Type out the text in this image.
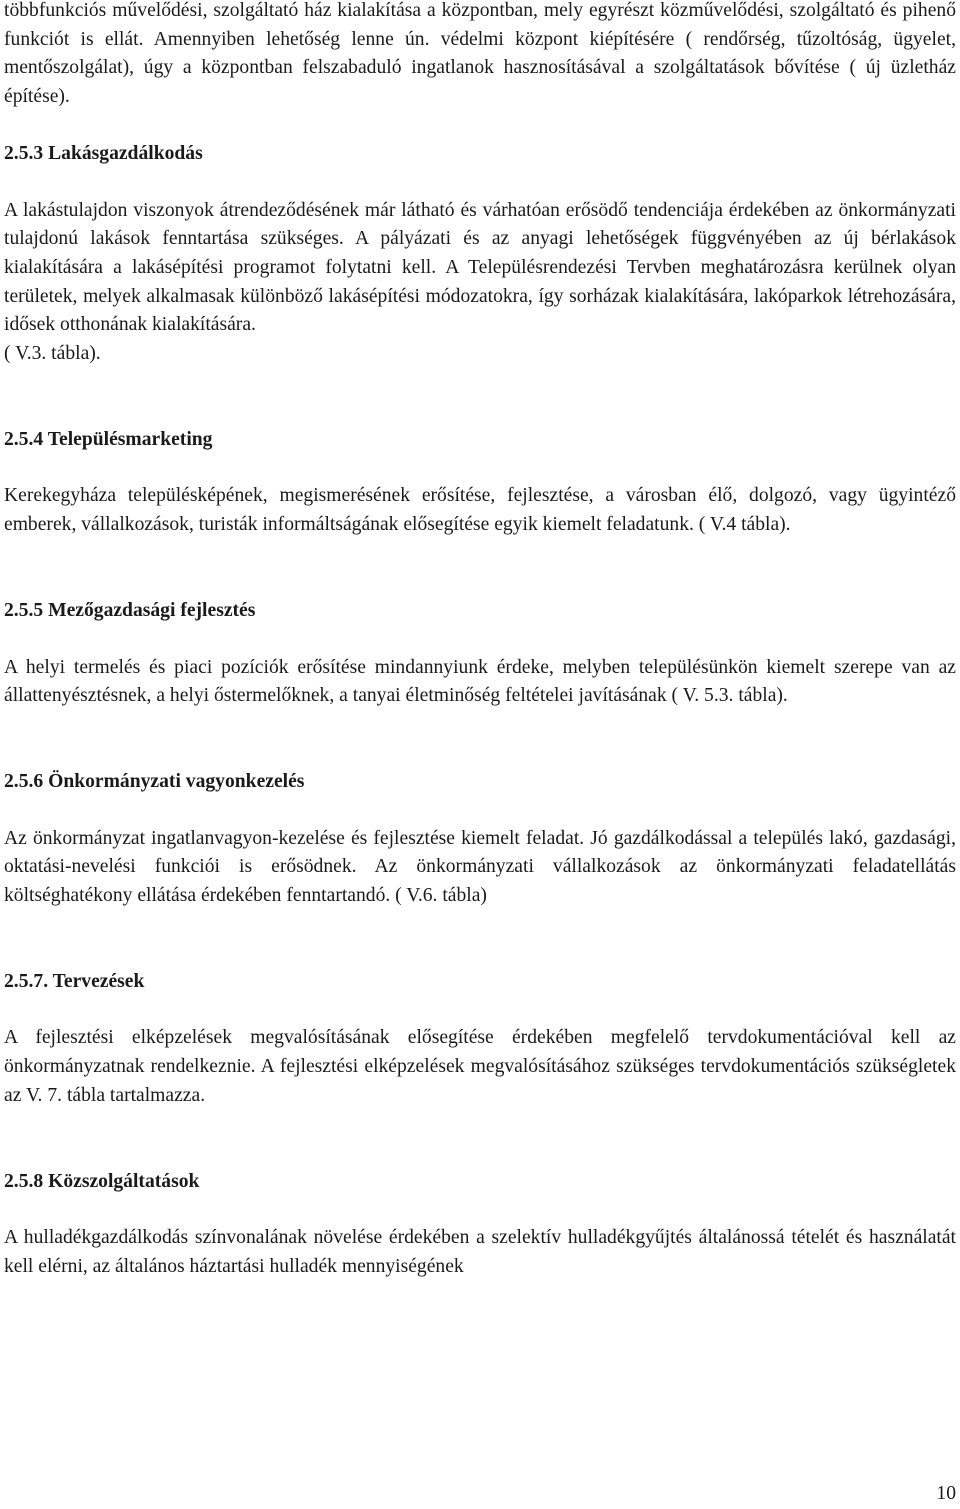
többfunkciós művelődési, szolgáltató ház kialakítása a központban, mely egyrészt közművelődési, szolgáltató és pihenő funkciót is ellát. Amennyiben lehetőség lenne ún. védelmi központ kiépítésére ( rendőrség, tűzoltóság, ügyelet, mentőszolgálat), úgy a központban felszabaduló ingatlanok hasznosításával a szolgáltatások bővítése ( új üzletház építése).

2.5.3 Lakásgazdálkodás

A lakástulajdon viszonyok átrendeződésének már látható és várhatóan erősödő tendenciája érdekében az önkormányzati tulajdonú lakások fenntartása szükséges. A pályázati és az anyagi lehetőségek függvényében az új bérlakások kialakítására a lakásépítési programot folytatni kell. A Településrendezési Tervben meghatározásra kerülnek olyan területek, melyek alkalmasak különböző lakásépítési módozatokra, így sorházak kialakítására, lakóparkok létrehozására, idősek otthonának kialakítására.

( V.3. tábla).

2.5.4 Településmarketing

Kerekegyháza településképének, megismerésének erősítése, fejlesztése, a városban élő, dolgozó, vagy ügyintéző emberek, vállalkozások, turisták informáltságának elősegítése egyik kiemelt feladatunk. ( V.4 tábla).

2.5.5 Mezőgazdasági fejlesztés

A helyi termelés és piaci pozíciók erősítése mindannyiunk érdeke, melyben településünkön kiemelt szerepe van az állattenyésztésnek, a helyi őstermelőknek, a tanyai életminőség feltételei javításának ( V. 5.3. tábla).

2.5.6 Önkormányzati vagyonkezelés

Az önkormányzat ingatlanvagyon-kezelése és fejlesztése kiemelt feladat. Jó gazdálkodással a település lakó, gazdasági, oktatási-nevelési funkciói is erősödnek. Az önkormányzati vállalkozások az önkormányzati feladatellátás költséghatékony ellátása érdekében fenntartandó. ( V.6. tábla)

2.5.7. Tervezések

A fejlesztési elképzelések megvalósításának elősegítése érdekében megfelelő tervdokumentációval kell az önkormányzatnak rendelkeznie. A fejlesztési elképzelések megvalósításához szükséges tervdokumentációs szükségletek az V. 7. tábla tartalmazza.

2.5.8 Közszolgáltatások

A hulladékgazdálkodás színvonalának növelése érdekében a szelektív hulladékgyűjtés általánossá tételét és használatát kell elérni, az általános háztartási hulladék mennyiségének

10
